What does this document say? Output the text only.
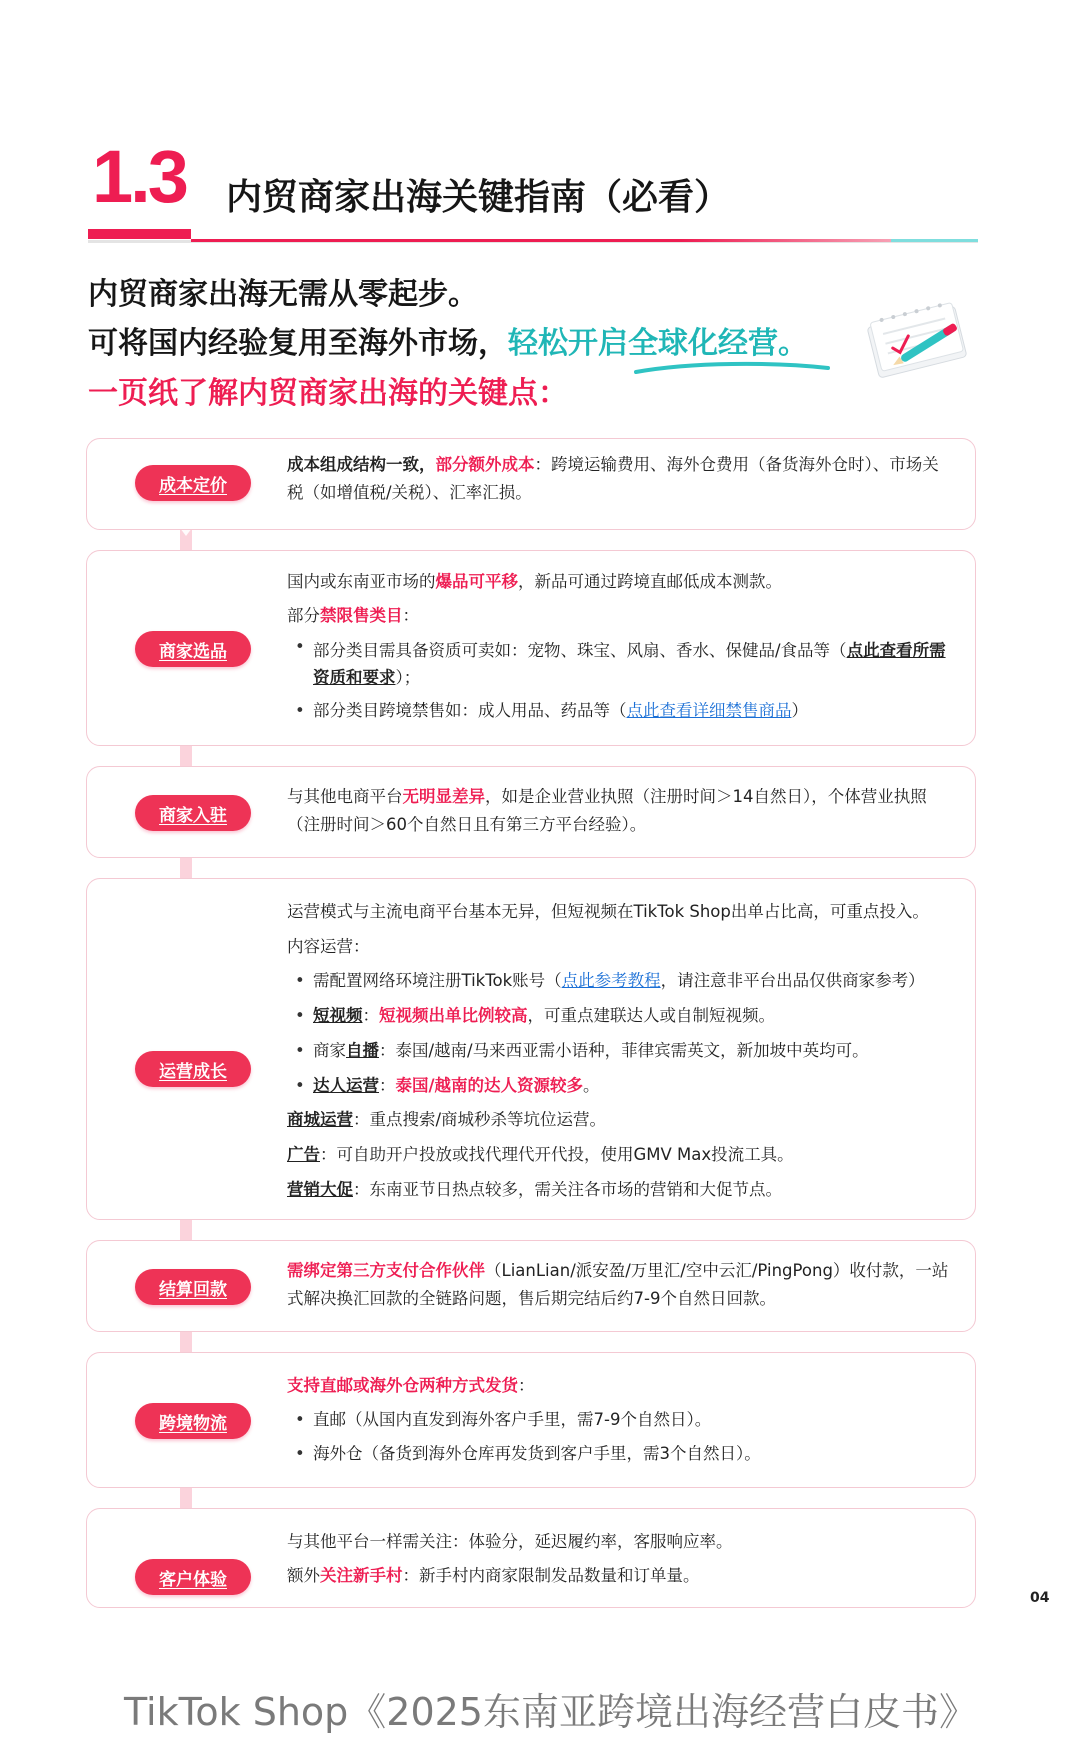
1.3 内贸商家出海关键指南（必看）
内贸商家出海无需从零起步。
可将国内经验复用至海外市场，轻松开启全球化经营。
一页纸了解内贸商家出海的关键点：
成本定价

成本组成结构一致，部分额外成本：跨境运输费用、海外仓费用（备货海外仓时）、市场关税（如增值税/关税）、汇率汇损。

商家选品

国内或东南亚市场的爆品可平移，新品可通过跨境直邮低成本测款。

部分禁限售类目：

• 部分类目需具备资质可卖如：宠物、珠宝、风扇、香水、保健品/食品等（点此查看所需资质和要求）；

• 部分类目跨境禁售如：成人用品、药品等（点此查看详细禁售商品）

商家入驻

与其他电商平台无明显差异，如是企业营业执照（注册时间＞14自然日），个体营业执照（注册时间＞60个自然日且有第三方平台经验）。

运营成长

运营模式与主流电商平台基本无异，但短视频在TikTok Shop出单占比高，可重点投入。

内容运营：

• 需配置网络环境注册TikTok账号（点此参考教程，请注意非平台出品仅供商家参考）

• 短视频：短视频出单比例较高，可重点建联达人或自制短视频。

• 商家自播：泰国/越南/马来西亚需小语种，菲律宾需英文，新加坡中英均可。

• 达人运营：泰国/越南的达人资源较多。

商城运营：重点搜索/商城秒杀等坑位运营。

广告：可自助开户投放或找代理代开代投，使用GMV Max投流工具。

营销大促：东南亚节日热点较多，需关注各市场的营销和大促节点。

结算回款

需绑定第三方支付合作伙伴（LianLian/派安盈/万里汇/空中云汇/PingPong）收付款，一站式解决换汇回款的全链路问题，售后期完结后约7-9个自然日回款。

跨境物流

支持直邮或海外仓两种方式发货：

• 直邮（从国内直发到海外客户手里，需7-9个自然日）。

• 海外仓（备货到海外仓库再发货到客户手里，需3个自然日）。

客户体验

与其他平台一样需关注：体验分，延迟履约率，客服响应率。

额外关注新手村：新手村内商家限制发品数量和订单量。

04
TikTok Shop《2025东南亚跨境出海经营白皮书》
